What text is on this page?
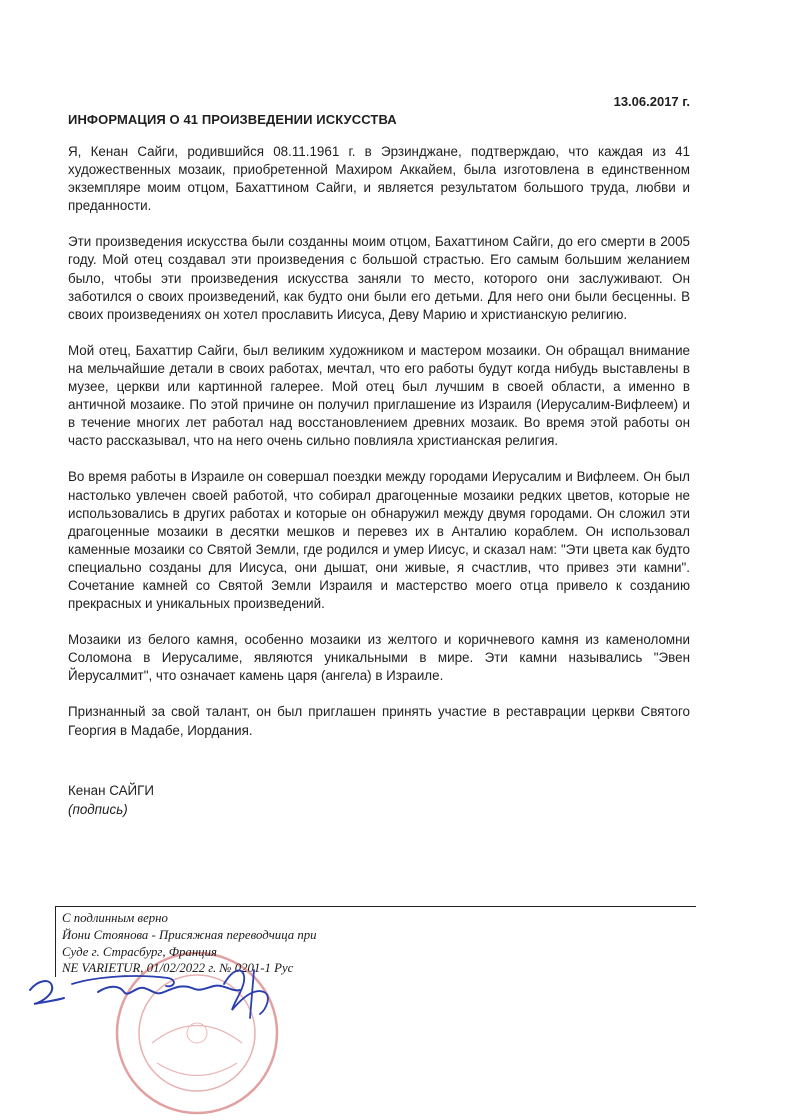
13.06.2017 г.
ИНФОРМАЦИЯ О 41 ПРОИЗВЕДЕНИИ ИСКУССТВА

Я, Кенан Сайги, родившийся 08.11.1961 г. в Эрзинджане, подтверждаю, что каждая из 41 художественных мозаик, приобретенной Махиром Аккайем, была изготовлена в единственном экземпляре моим отцом, Бахаттином Сайги, и является результатом большого труда, любви и преданности.

Эти произведения искусства были созданны моим отцом, Бахаттином Сайги, до его смерти в 2005 году. Мой отец создавал эти произведения с большой страстью. Его самым большим желанием было, чтобы эти произведения искусства заняли то место, которого они заслуживают. Он заботился о своих произведений, как будто они были его детьми. Для него они были бесценны. В своих произведениях он хотел прославить Иисуса, Деву Марию и христианскую религию.

Мой отец, Бахаттир Сайги, был великим художником и мастером мозаики. Он обращал внимание на мельчайшие детали в своих работах, мечтал, что его работы будут когда нибудь выставлены в музее, церкви или картинной галерее. Мой отец был лучшим в своей области, а именно в античной мозаике. По этой причине он получил приглашение из Израиля (Иерусалим-Вифлеем) и в течение многих лет работал над восстановлением древних мозаик. Во время этой работы он часто рассказывал, что на него очень сильно повлияла христианская религия.

Во время работы в Израиле он совершал поездки между городами Иерусалим и Вифлеем. Он был настолько увлечен своей работой, что собирал драгоценные мозаики редких цветов, которые не использовались в других работах и которые он обнаружил между двумя городами. Он сложил эти драгоценные мозаики в десятки мешков и перевез их в Анталию кораблем. Он использовал каменные мозаики со Святой Земли, где родился и умер Иисус, и сказал нам: "Эти цвета как будто специально созданы для Иисуса, они дышат, они живые, я счастлив, что привез эти камни". Сочетание камней со Святой Земли Израиля и мастерство моего отца привело к созданию прекрасных и уникальных произведений.

Мозаики из белого камня, особенно мозаики из желтого и коричневого камня из каменоломни Соломона в Иерусалиме, являются уникальными в мире. Эти камни назывались "Эвен Йерусалмит", что означает камень царя (ангела) в Израиле.

Признанный за свой талант, он был приглашен принять участие в реставрации церкви Святого Георгия в Мадабе, Иордания.

Кенан САЙГИ
(подпись)
С подлинным верно
Йони Стоянова - Присяжная переводчица при
Суде г. Страсбург, Франция
NE VARIETUR, 01/02/2022 г. № 0201-1 Рус
